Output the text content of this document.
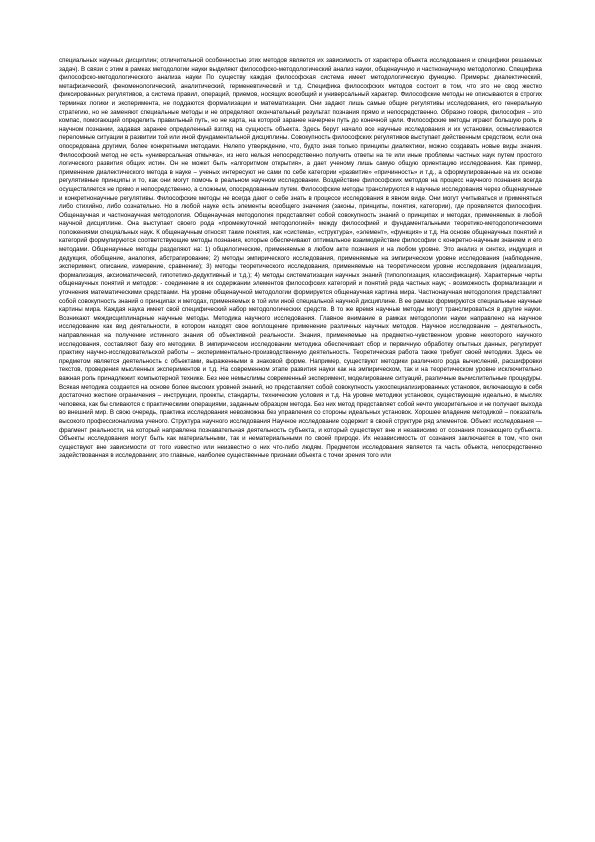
специальных научных дисциплин; отличительной особенностью этих методов является их зависимость от характера объекта исследования и специфики решаемых задач). В связи с этим в рамках методологии науки выделяют философско-методологический анализ науки, общенаучную и частнонаучную методологию. Специфика философско-методологического анализа науки По существу каждая философская система имеет методологическую функцию. Примеры: диалектический, метафизический, феноменологический, аналитический, герменевтический и т.д. Специфика философских методов состоит в том, что это не свод жестко фиксированных регулятивов, а система правил, операций, приемов, носящих всеобщий и универсальный характер. Философские методы не описываются в строгих терминах логики и эксперимента, не поддаются формализации и математизации. Они задают лишь самые общие регулятивы исследования, его генеральную стратегию, но не заменяют специальные методы и не определяют окончательный результат познания прямо и непосредственно. Образно говоря, философия – это компас, помогающий определить правильный путь, но не карта, на которой заранее начерчен путь до конечной цели. Философские методы играют большую роль в научном познании, задавая заранее определенный взгляд на сущность объекта. Здесь берут начало все научные исследования и их установки, осмысливаются переломные ситуации в развитии той или иной фундаментальной дисциплины. Совокупность философских регулятивов выступает действенным средством, если она опосредована другими, более конкретными методами. Нелепо утверждение, что, будто зная только принципы диалектики, можно создавать новые виды знания. Философский метод не есть «универсальная отмычка», из него нельзя непосредственно получить ответы на те или иные проблемы частных наук путем простого логического развития общих истин. Он не может быть «алгоритмом открытия», а дает ученому лишь самую общую ориентацию исследования. Как пример, применение диалектического метода в науке – ученых интересуют не сами по себе категории «развитие» «причинность» и т.д., а сформулированные на их основе регулятивные принципы и то, как они могут помочь в реальном научном исследовании. Воздействие философских методов на процесс научного познания всегда осуществляется не прямо и непосредственно, а сложным, опосредованным путем. Философские методы транслируются в научные исследования через общенаучные и конкретнонаучные регулятивы. Философские методы не всегда дают о себе знать в процессе исследования в явном виде. Они могут учитываться и применяться либо стихийно, либо сознательно. Но в любой науке есть элементы всеобщего значения (законы, принципы, понятия, категории), где проявляется философия. Общенаучная и частнонаучная методология. Общенаучная методология представляет собой совокупность знаний о принципах и методах, применяемых в любой научной дисциплине. Она выступает своего рода «промежуточной методологией» между философией и фундаментальными теоретико-методологическими положениями специальных наук. К общенаучным относят такие понятия, как «система», «структура», «элемент», «функция» и т.д. На основе общенаучных понятий и категорий формулируются соответствующие методы познания, которые обеспечивают оптимальное взаимодействие философии с конкретно-научным знанием и его методами. Общенаучные методы разделяют на: 1) общелогические, применяемые в любом акте познания и на любом уровне. Это анализ и синтез, индукция и дедукция, обобщение, аналогия, абстрагирование; 2) методы эмпирического исследования, применяемые на эмпирическом уровне исследования (наблюдение, эксперимент, описание, измерение, сравнение); 3) методы теоретического исследования, применяемые на теоретическом уровне исследования (идеализация, формализация, аксиоматический, гипотетико-дедуктивный и т.д.); 4) методы систематизации научных знаний (типологизация, классификация). Характерные черты общенаучных понятий и методов: - соединение в их содержании элементов философских категорий и понятий ряда частных наук; - возможность формализации и уточнения математическими средствами. На уровне общенаучной методологии формируется общенаучная картина мира. Частнонаучная методология представляет собой совокупность знаний о принципах и методах, применяемых в той или иной специальной научной дисциплине. В ее рамках формируются специальные научные картины мира. Каждая наука имеет свой специфический набор методологических средств. В то же время научные методы могут транслироваться в другие науки. Возникают междисциплинарные научные методы. Методика научного исследования. Главное внимание в рамках методологии науки направлено на научное исследование как вид деятельности, в котором находят свое воплощение применение различных научных методов. Научное исследование – деятельность, направленная на получение истинного знания об объективной реальности. Знания, применяемые на предметно-чувственном уровне некоторого научного исследования, составляют базу его методики. В эмпирическом исследовании методика обеспечивает сбор и первичную обработку опытных данных, регулирует практику научно-исследовательской работы – экспериментально-производственную деятельность. Теоретическая работа также требует своей методики. Здесь ее предметом является деятельность с объектами, выраженными в знаковой форме. Например, существуют методики различного рода вычислений, расшифровки текстов, проведения мысленных экспериментов и т.д. На современном этапе развития науки как на эмпирическом, так и на теоретическом уровне исключительно важная роль принадлежит компьютерной технике. Без нее немыслимы современный эксперимент, моделирование ситуаций, различные вычислительные процедуры. Всякая методика создается на основе более высоких уровней знаний, но представляет собой совокупность узкоспециализированных установок, включающую в себя достаточно жесткие ограничения – инструкции, проекты, стандарты, технические условия и т.д. На уровне методики установок, существующие идеально, в мыслях человека, как бы сливаются с практическими операциями, заданным образцом метода. Без них метод представляет собой нечто умозрительное и не получает выхода во внешний мир. В свою очередь, практика исследования невозможна без управления со стороны идеальных установок. Хорошее владение методикой – показатель высокого профессионализма ученого. Структура научного исследования Научное исследование содержит в своей структуре ряд элементов. Объект исследования — фрагмент реальности, на который направлена познавательная деятельность субъекта, и который существует вне и независимо от сознания познающего субъекта. Объекты исследования могут быть как материальными, так и нематериальными по своей природе. Их независимость от сознания заключается в том, что они существуют вне зависимости от того известно или неизвестно о них что-либо людям. Предметом исследования является та часть объекта, непосредственно задействованная в исследовании; это главные, наиболее существенные признаки объекта с точки зрения того или
